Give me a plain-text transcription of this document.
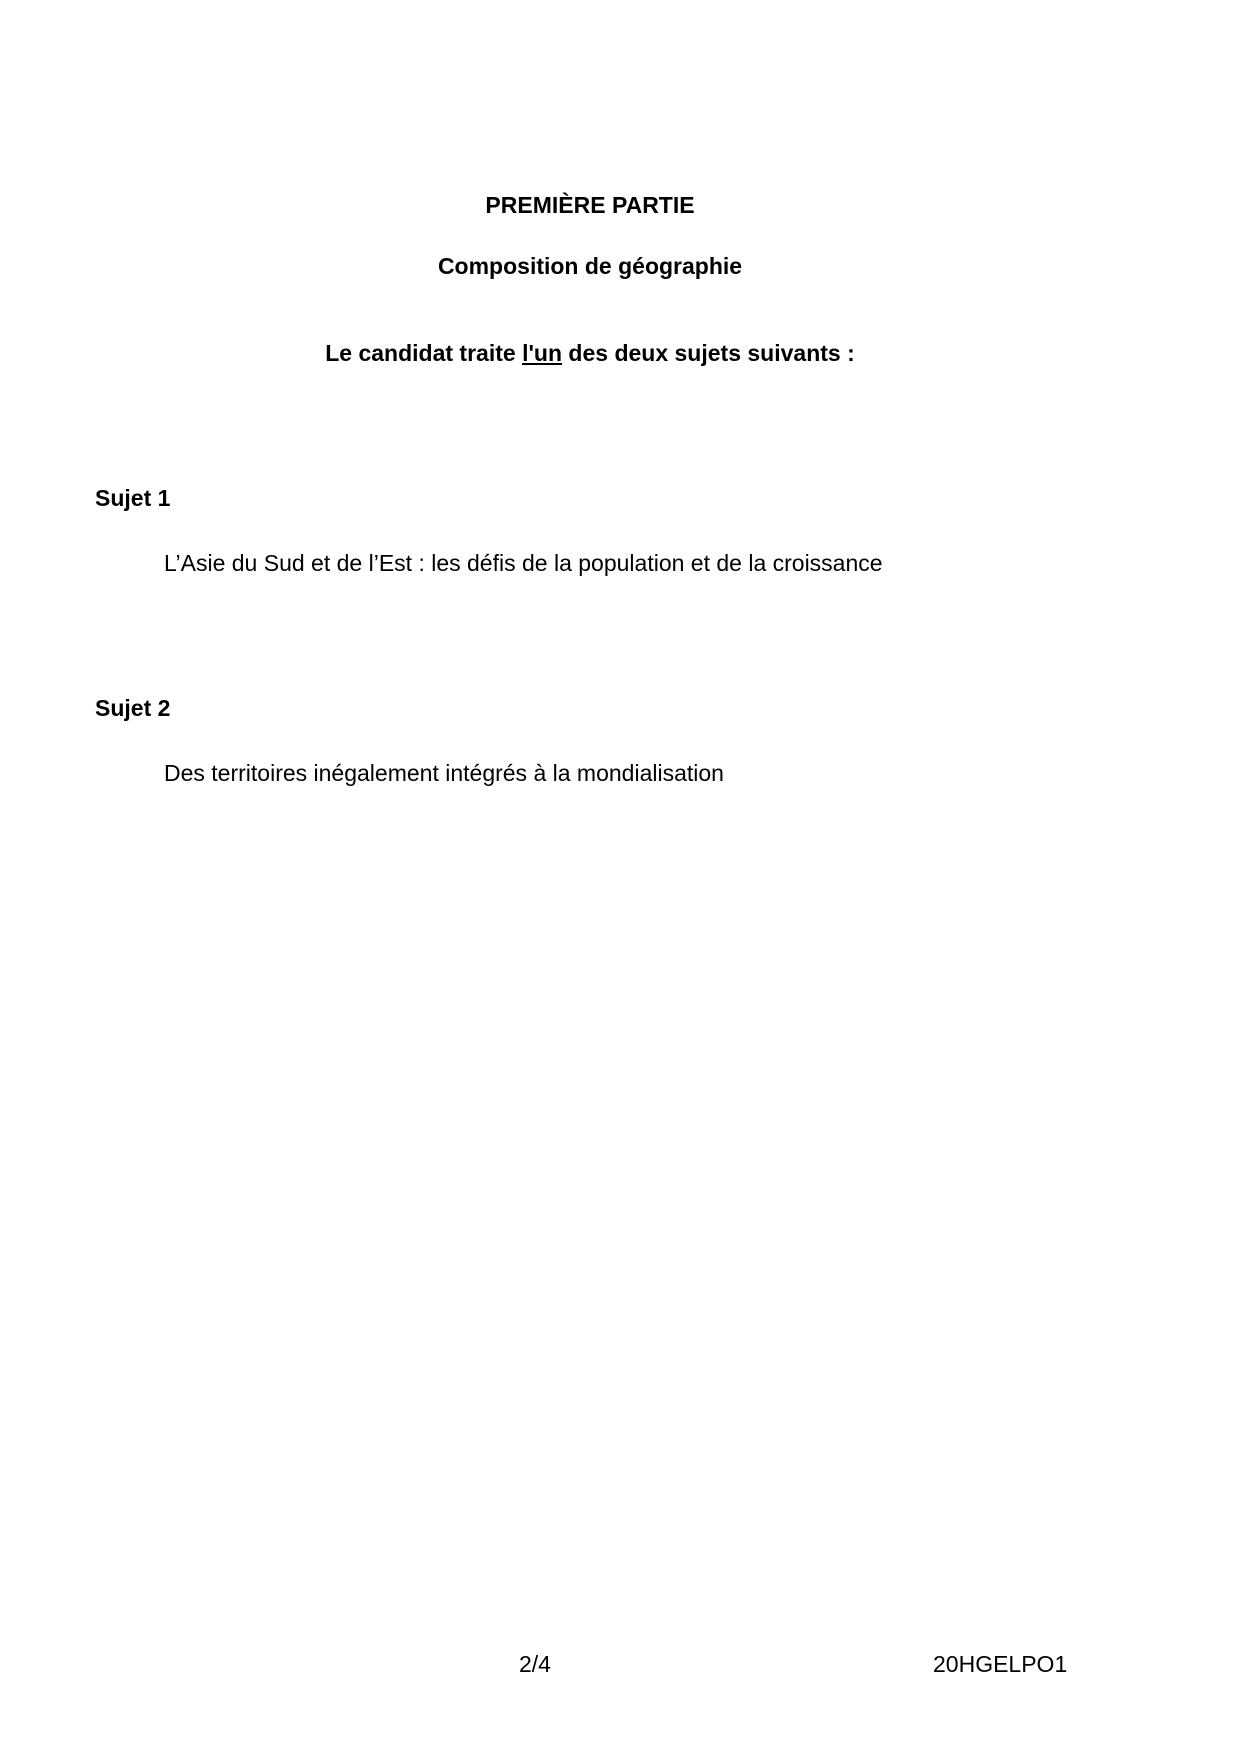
PREMIÈRE PARTIE
Composition de géographie
Le candidat traite l'un des deux sujets suivants :
Sujet 1
L’Asie du Sud et de l’Est : les défis de la population et de la croissance
Sujet 2
Des territoires inégalement intégrés à la mondialisation
2/4	20HGELPO1
